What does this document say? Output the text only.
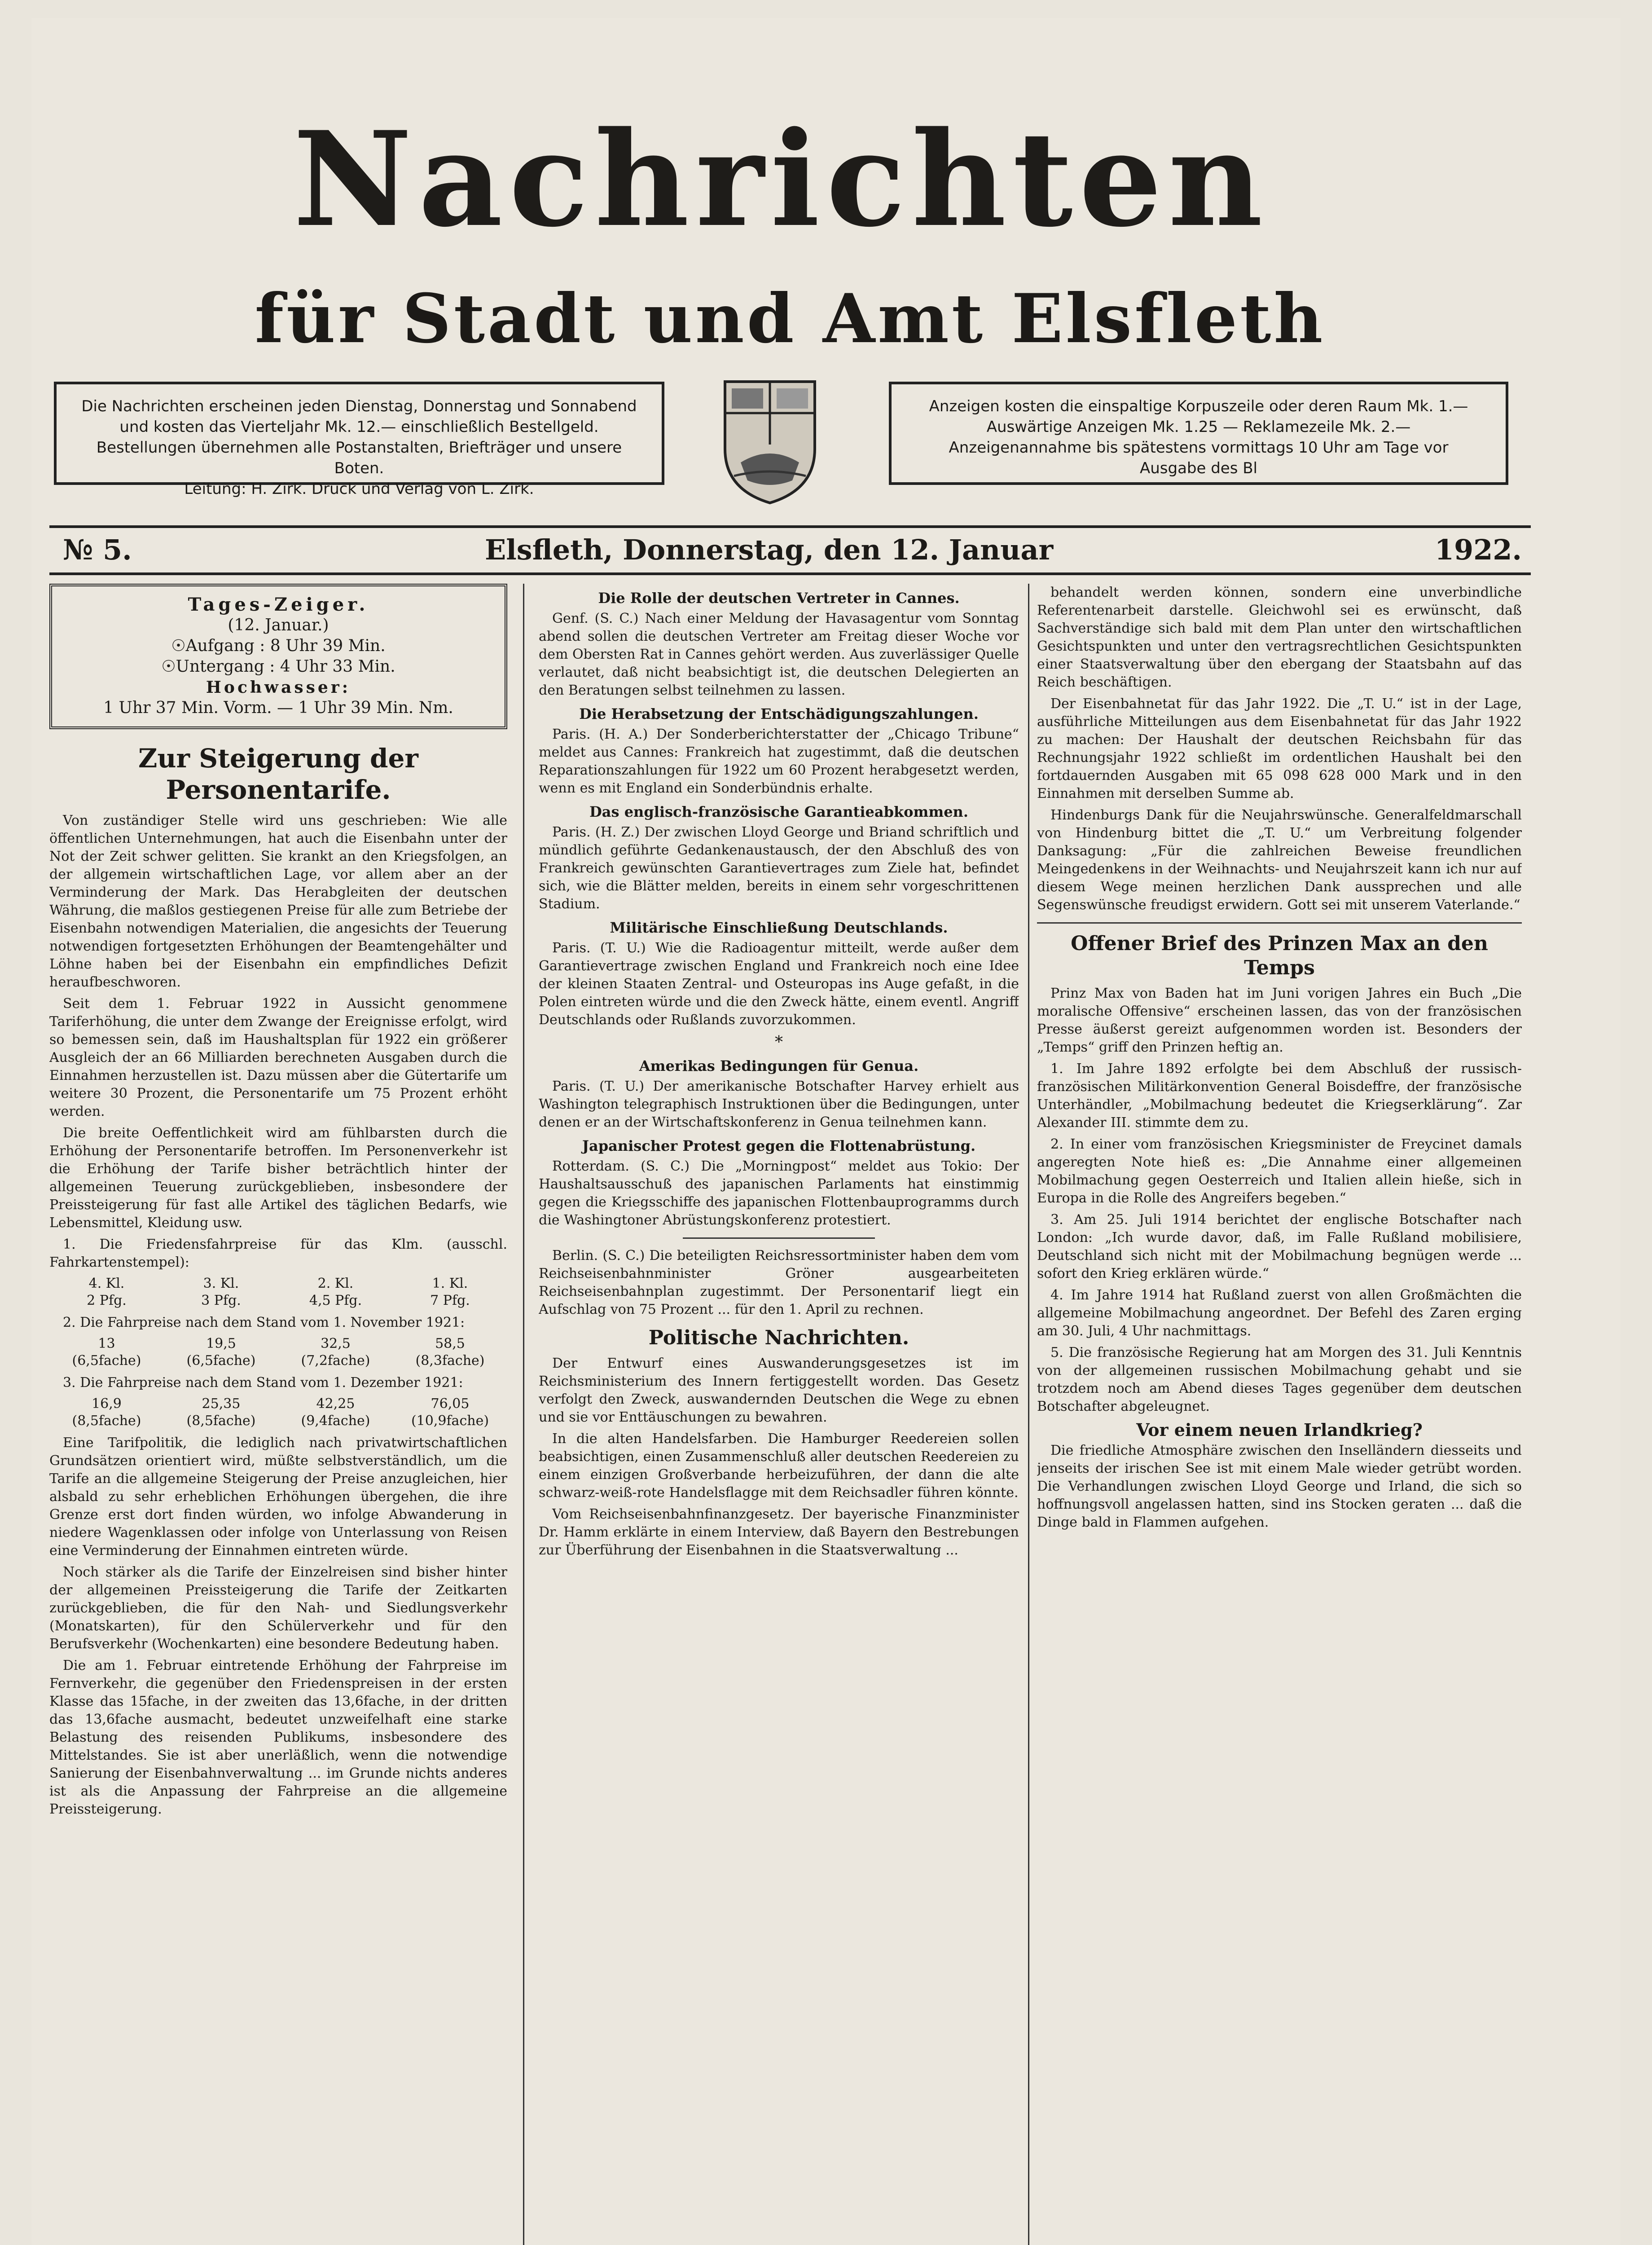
Nachrichten
für Stadt und Amt Elsfleth
Die Nachrichten erscheinen jeden Dienstag, Donnerstag und Sonnabend
und kosten das Vierteljahr Mk. 12.— einschließlich Bestellgeld.
Bestellungen übernehmen alle Postanstalten, Briefträger und unsere Boten.
Leitung: H. Zirk. Druck und Verlag von L. Zirk.
Anzeigen kosten die einspaltige Korpuszeile oder deren Raum Mk. 1.—
Auswärtige Anzeigen Mk. 1.25 — Reklamezeile Mk. 2.—
Anzeigenannahme bis spätestens vormittags 10 Uhr am Tage vor
Ausgabe des Bl
№ 5.	Elsfleth, Donnerstag, den 12. Januar	1922.
Tages-Zeiger.
(12. Januar.)
☉Aufgang : 8 Uhr 39 Min.
☉Untergang : 4 Uhr 33 Min.
Hochwasser:
1 Uhr 37 Min. Vorm. — 1 Uhr 39 Min. Nm.
Zur Steigerung der Personentarife.

Von zuständiger Stelle wird uns geschrieben: Wie alle öffentlichen Unternehmungen, hat auch die Eisenbahn unter der Not der Zeit schwer gelitten. Sie krankt an den Kriegsfolgen, an der allgemein wirtschaftlichen Lage, vor allem aber an der Verminderung der Mark. Das Herabgleiten der deutschen Währung, die maßlos gestiegenen Preise für alle zum Betriebe der Eisenbahn notwendigen Materialien, die angesichts der Teuerung notwendigen fortgesetzten Erhöhungen der Beamtengehälter und Löhne haben bei der Eisenbahn ein empfindliches Defizit heraufbeschworen.

Seit dem 1. Februar 1922 in Aussicht genommene Tariferhöhung, die unter dem Zwange der Ereignisse erfolgt, wird so bemessen sein, daß im Haushaltsplan für 1922 ein größerer Ausgleich der an 66 Milliarden berechneten Ausgaben durch die Einnahmen herzustellen ist. Dazu müssen aber die Gütertarife um weitere 30 Prozent, die Personentarife um 75 Prozent erhöht werden.

Die breite Oeffentlichkeit wird am fühlbarsten durch die Erhöhung der Personentarife betroffen. Im Personenverkehr ist die Erhöhung der Tarife bisher beträchtlich hinter der allgemeinen Teuerung zurückgeblieben, insbesondere der Preissteigerung für fast alle Artikel des täglichen Bedarfs, wie Lebensmittel, Kleidung usw.

1. Die Friedensfahrpreise für das Klm. (ausschl. Fahrkartenstempel):

4. Kl.	3. Kl.	2. Kl.	1. Kl.
2 Pfg.	3 Pfg.	4,5 Pfg.	7 Pfg.

2. Die Fahrpreise nach dem Stand vom 1. November 1921:

13	19,5	32,5	58,5
(6,5fache)	(6,5fache)	(7,2fache)	(8,3fache)

3. Die Fahrpreise nach dem Stand vom 1. Dezember 1921:

16,9	25,35	42,25	76,05
(8,5fache)	(8,5fache)	(9,4fache)	(10,9fache)

Eine Tarifpolitik, die lediglich nach privatwirtschaftlichen Grundsätzen orientiert wird, müßte selbstverständlich, um die Tarife an die allgemeine Steigerung der Preise anzugleichen, hier alsbald zu sehr erheblichen Erhöhungen übergehen, die ihre Grenze erst dort finden würden, wo infolge Abwanderung in niedere Wagenklassen oder infolge von Unterlassung von Reisen eine Verminderung der Einnahmen eintreten würde.

Noch stärker als die Tarife der Einzelreisen sind bisher hinter der allgemeinen Preissteigerung die Tarife der Zeitkarten zurückgeblieben, die für den Nah- und Siedlungsverkehr (Monatskarten), für den Schülerverkehr und für den Berufsverkehr (Wochenkarten) eine besondere Bedeutung haben.

Die am 1. Februar eintretende Erhöhung der Fahrpreise im Fernverkehr, die gegenüber den Friedenspreisen in der ersten Klasse das 15fache, in der zweiten das 13,6fache, in der dritten das 13,6fache ausmacht, bedeutet unzweifelhaft eine starke Belastung des reisenden Publikums, insbesondere des Mittelstandes. Sie ist aber unerläßlich, wenn die notwendige Sanierung der Eisenbahnverwaltung ... im Grunde nichts anderes ist als die Anpassung der Fahrpreise an die allgemeine Preissteigerung.

Die Rolle der deutschen Vertreter in Cannes.

Genf. (S. C.) Nach einer Meldung der Havasagentur vom Sonntag abend sollen die deutschen Vertreter am Freitag dieser Woche vor dem Obersten Rat in Cannes gehört werden. Aus zuverlässiger Quelle verlautet, daß nicht beabsichtigt ist, die deutschen Delegierten an den Beratungen selbst teilnehmen zu lassen.

Die Herabsetzung der Entschädigungszahlungen.

Paris. (H. A.) Der Sonderberichterstatter der „Chicago Tribune“ meldet aus Cannes: Frankreich hat zugestimmt, daß die deutschen Reparationszahlungen für 1922 um 60 Prozent herabgesetzt werden, wenn es mit England ein Sonderbündnis erhalte.

Das englisch-französische Garantieabkommen.

Paris. (H. Z.) Der zwischen Lloyd George und Briand schriftlich und mündlich geführte Gedankenaustausch, der den Abschluß des von Frankreich gewünschten Garantievertrages zum Ziele hat, befindet sich, wie die Blätter melden, bereits in einem sehr vorgeschrittenen Stadium.

Militärische Einschließung Deutschlands.

Paris. (T. U.) Wie die Radioagentur mitteilt, werde außer dem Garantievertrage zwischen England und Frankreich noch eine Idee der kleinen Staaten Zentral- und Osteuropas ins Auge gefaßt, in die Polen eintreten würde und die den Zweck hätte, einem eventl. Angriff Deutschlands oder Rußlands zuvorzukommen.

*
Amerikas Bedingungen für Genua.

Paris. (T. U.) Der amerikanische Botschafter Harvey erhielt aus Washington telegraphisch Instruktionen über die Bedingungen, unter denen er an der Wirtschaftskonferenz in Genua teilnehmen kann.

Japanischer Protest gegen die Flottenabrüstung.

Rotterdam. (S. C.) Die „Morningpost“ meldet aus Tokio: Der Haushaltsausschuß des japanischen Parlaments hat einstimmig gegen die Kriegsschiffe des japanischen Flottenbauprogramms durch die Washingtoner Abrüstungskonferenz protestiert.

Berlin. (S. C.) Die beteiligten Reichsressortminister haben dem vom Reichseisenbahnminister Gröner ausgearbeiteten Reichseisenbahnplan zugestimmt. Der Personentarif liegt ein Aufschlag von 75 Prozent ... für den 1. April zu rechnen.

Politische Nachrichten.

Der Entwurf eines Auswanderungsgesetzes ist im Reichsministerium des Innern fertiggestellt worden. Das Gesetz verfolgt den Zweck, auswandernden Deutschen die Wege zu ebnen und sie vor Enttäuschungen zu bewahren.

In die alten Handelsfarben. Die Hamburger Reedereien sollen beabsichtigen, einen Zusammenschluß aller deutschen Reedereien zu einem einzigen Großverbande herbeizuführen, der dann die alte schwarz-weiß-rote Handelsflagge mit dem Reichsadler führen könnte.

Vom Reichseisenbahnfinanzgesetz. Der bayerische Finanzminister Dr. Hamm erklärte in einem Interview, daß Bayern den Bestrebungen zur Überführung der Eisenbahnen in die Staatsverwaltung ...

behandelt werden können, sondern eine unverbindliche Referentenarbeit darstelle. Gleichwohl sei es erwünscht, daß Sachverständige sich bald mit dem Plan unter den wirtschaftlichen Gesichtspunkten und unter den vertragsrechtlichen Gesichtspunkten einer Staatsverwaltung über den ebergang der Staatsbahn auf das Reich beschäftigen.

Der Eisenbahnetat für das Jahr 1922. Die „T. U.“ ist in der Lage, ausführliche Mitteilungen aus dem Eisenbahnetat für das Jahr 1922 zu machen: Der Haushalt der deutschen Reichsbahn für das Rechnungsjahr 1922 schließt im ordentlichen Haushalt bei den fortdauernden Ausgaben mit 65 098 628 000 Mark und in den Einnahmen mit derselben Summe ab.

Hindenburgs Dank für die Neujahrswünsche. Generalfeldmarschall von Hindenburg bittet die „T. U.“ um Verbreitung folgender Danksagung: „Für die zahlreichen Beweise freundlichen Meingedenkens in der Weihnachts- und Neujahrszeit kann ich nur auf diesem Wege meinen herzlichen Dank aussprechen und alle Segenswünsche freudigst erwidern. Gott sei mit unserem Vaterlande.“

Offener Brief des Prinzen Max an den Temps

Prinz Max von Baden hat im Juni vorigen Jahres ein Buch „Die moralische Offensive“ erscheinen lassen, das von der französischen Presse äußerst gereizt aufgenommen worden ist. Besonders der „Temps“ griff den Prinzen heftig an.

1. Im Jahre 1892 erfolgte bei dem Abschluß der russisch-französischen Militärkonvention General Boisdeffre, der französische Unterhändler, „Mobilmachung bedeutet die Kriegserklärung“. Zar Alexander III. stimmte dem zu.

2. In einer vom französischen Kriegsminister de Freycinet damals angeregten Note hieß es: „Die Annahme einer allgemeinen Mobilmachung gegen Oesterreich und Italien allein hieße, sich in Europa in die Rolle des Angreifers begeben.“

3. Am 25. Juli 1914 berichtet der englische Botschafter nach London: „Ich wurde davor, daß, im Falle Rußland mobilisiere, Deutschland sich nicht mit der Mobilmachung begnügen werde ... sofort den Krieg erklären würde.“

4. Im Jahre 1914 hat Rußland zuerst von allen Großmächten die allgemeine Mobilmachung angeordnet. Der Befehl des Zaren erging am 30. Juli, 4 Uhr nachmittags.

5. Die französische Regierung hat am Morgen des 31. Juli Kenntnis von der allgemeinen russischen Mobilmachung gehabt und sie trotzdem noch am Abend dieses Tages gegenüber dem deutschen Botschafter abgeleugnet.

Vor einem neuen Irlandkrieg?

Die friedliche Atmosphäre zwischen den Inselländern diesseits und jenseits der irischen See ist mit einem Male wieder getrübt worden. Die Verhandlungen zwischen Lloyd George und Irland, die sich so hoffnungsvoll angelassen hatten, sind ins Stocken geraten ... daß die Dinge bald in Flammen aufgehen.
